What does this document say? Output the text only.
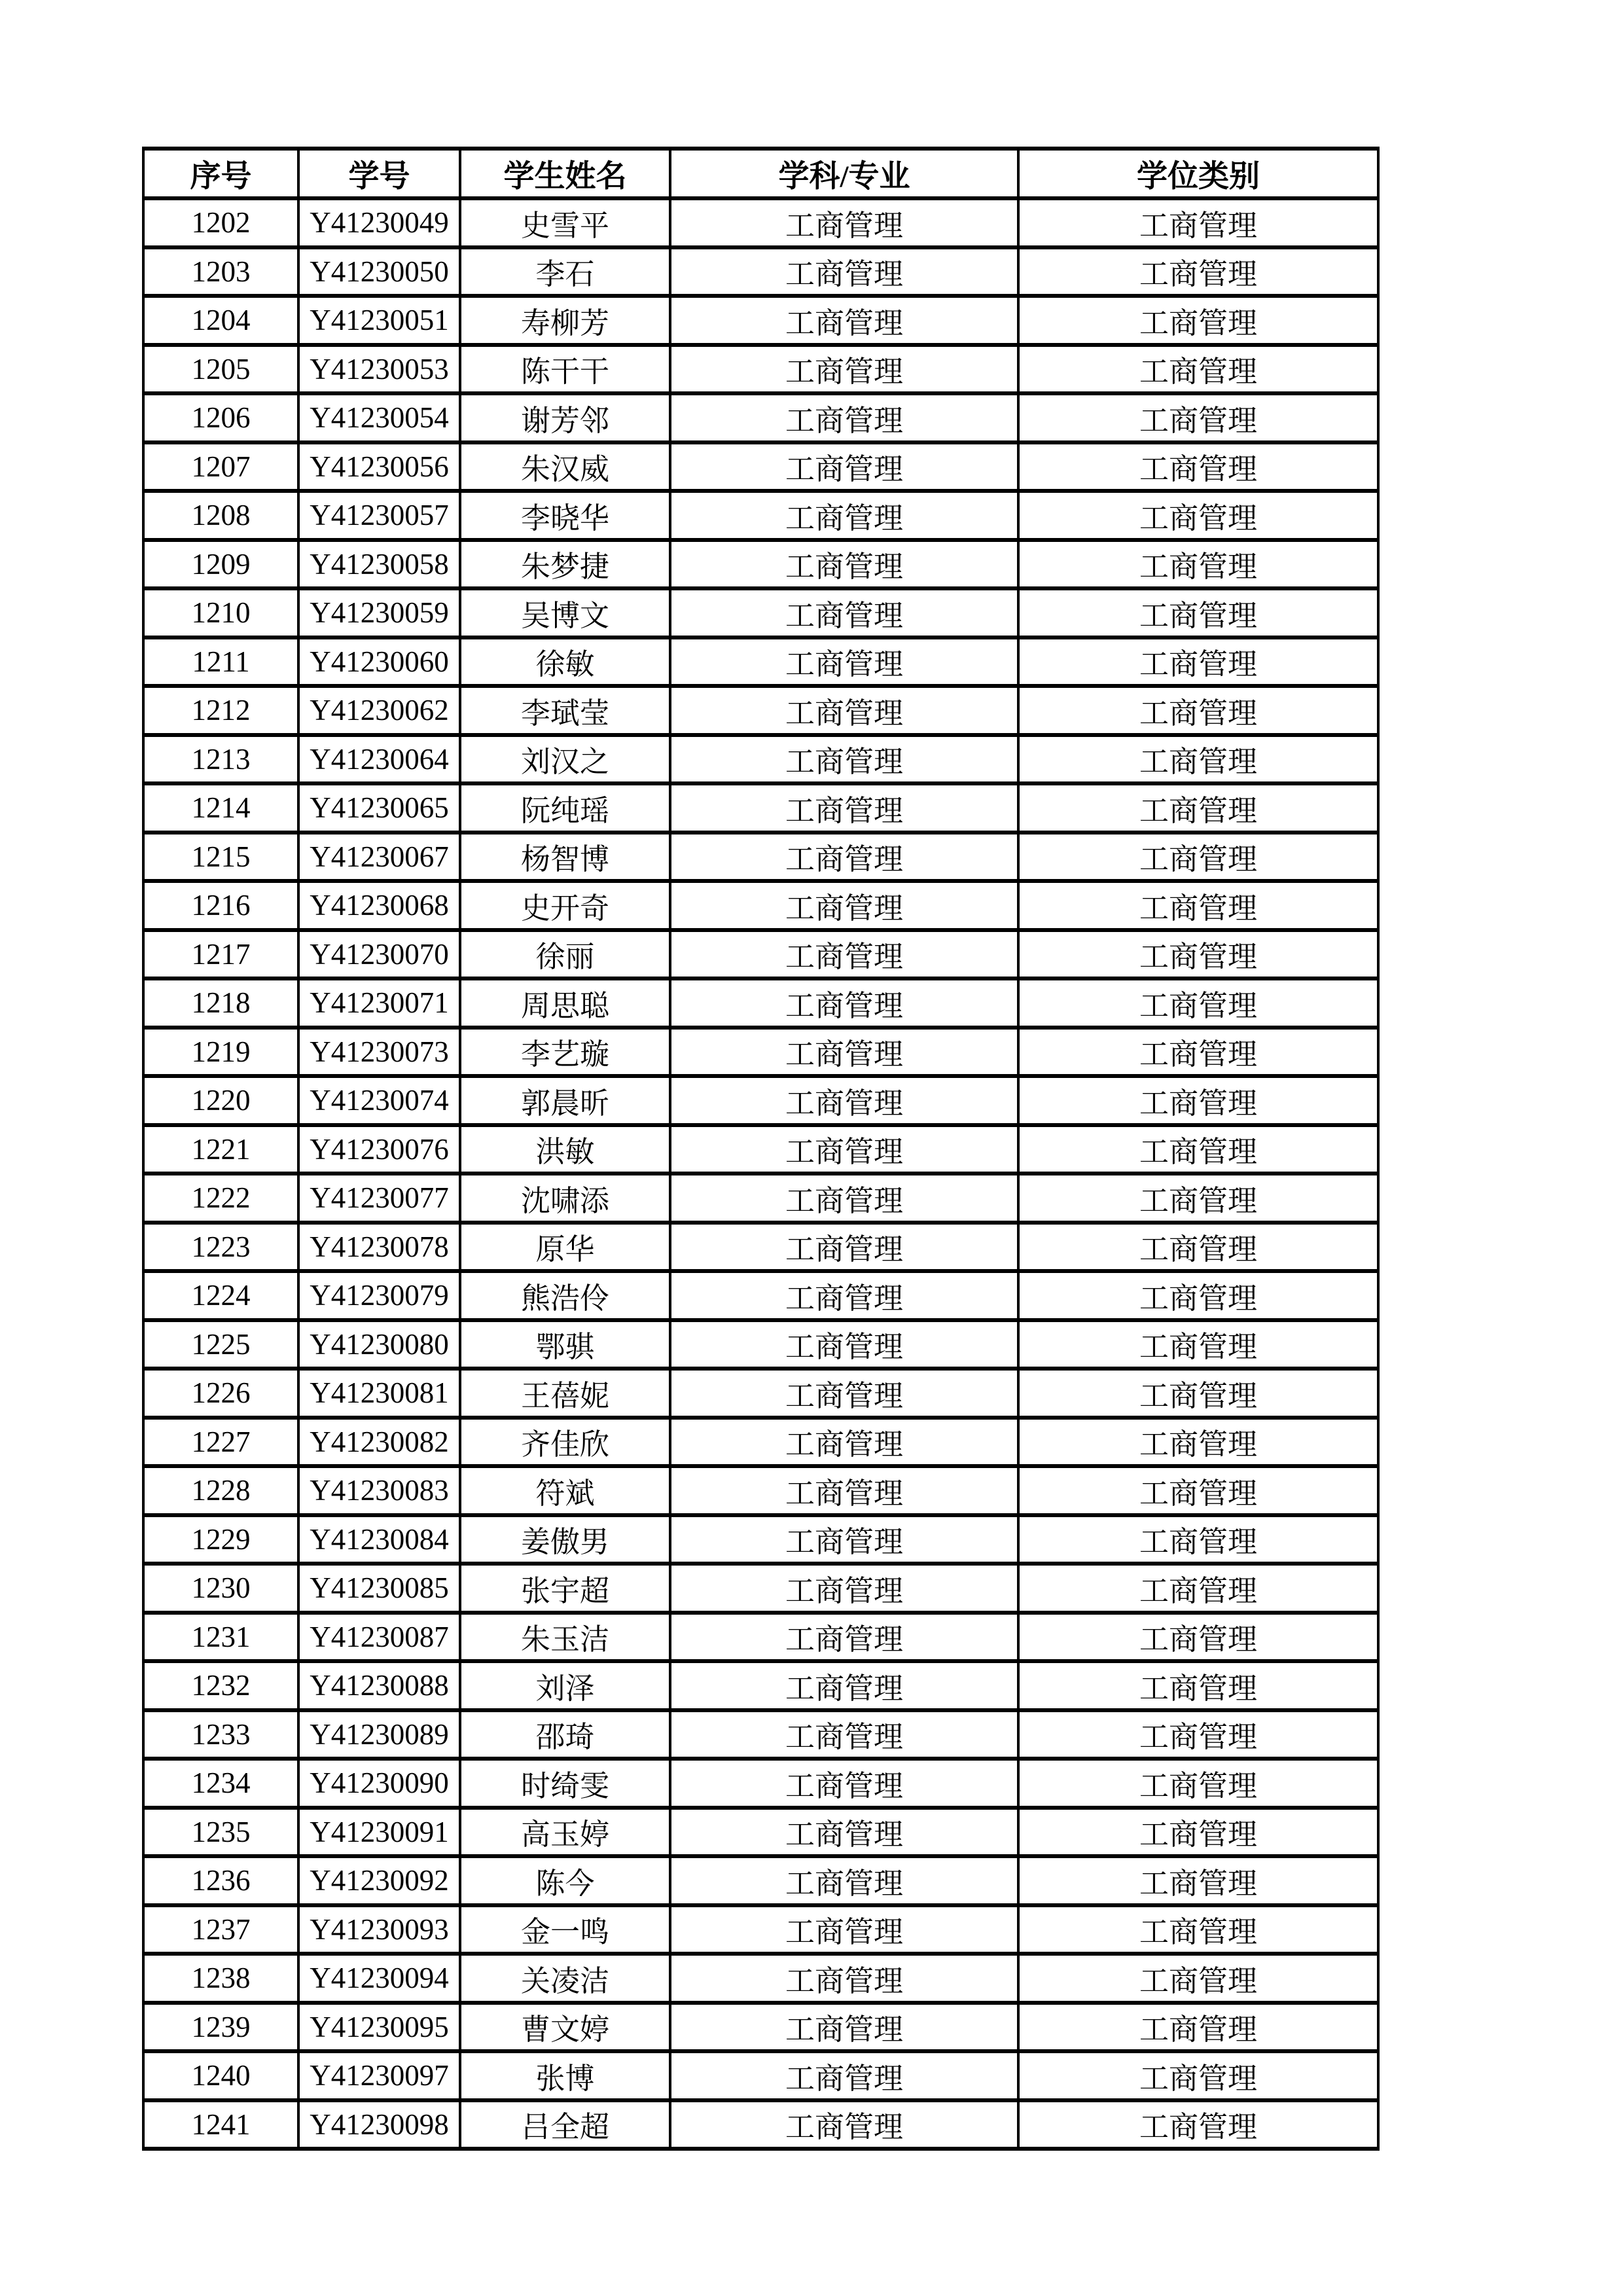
序号	学号	学生姓名	学科/专业	学位类别
1202	Y41230049	史雪平	工商管理	工商管理
1203	Y41230050	李石	工商管理	工商管理
1204	Y41230051	寿柳芳	工商管理	工商管理
1205	Y41230053	陈干干	工商管理	工商管理
1206	Y41230054	谢芳邻	工商管理	工商管理
1207	Y41230056	朱汉威	工商管理	工商管理
1208	Y41230057	李晓华	工商管理	工商管理
1209	Y41230058	朱梦捷	工商管理	工商管理
1210	Y41230059	吴博文	工商管理	工商管理
1211	Y41230060	徐敏	工商管理	工商管理
1212	Y41230062	李珷莹	工商管理	工商管理
1213	Y41230064	刘汉之	工商管理	工商管理
1214	Y41230065	阮纯瑶	工商管理	工商管理
1215	Y41230067	杨智博	工商管理	工商管理
1216	Y41230068	史开奇	工商管理	工商管理
1217	Y41230070	徐丽	工商管理	工商管理
1218	Y41230071	周思聪	工商管理	工商管理
1219	Y41230073	李艺璇	工商管理	工商管理
1220	Y41230074	郭晨昕	工商管理	工商管理
1221	Y41230076	洪敏	工商管理	工商管理
1222	Y41230077	沈啸添	工商管理	工商管理
1223	Y41230078	原华	工商管理	工商管理
1224	Y41230079	熊浩伶	工商管理	工商管理
1225	Y41230080	鄂骐	工商管理	工商管理
1226	Y41230081	王蓓妮	工商管理	工商管理
1227	Y41230082	齐佳欣	工商管理	工商管理
1228	Y41230083	符斌	工商管理	工商管理
1229	Y41230084	姜傲男	工商管理	工商管理
1230	Y41230085	张宇超	工商管理	工商管理
1231	Y41230087	朱玉洁	工商管理	工商管理
1232	Y41230088	刘泽	工商管理	工商管理
1233	Y41230089	邵琦	工商管理	工商管理
1234	Y41230090	时绮雯	工商管理	工商管理
1235	Y41230091	高玉婷	工商管理	工商管理
1236	Y41230092	陈今	工商管理	工商管理
1237	Y41230093	金一鸣	工商管理	工商管理
1238	Y41230094	关凌洁	工商管理	工商管理
1239	Y41230095	曹文婷	工商管理	工商管理
1240	Y41230097	张博	工商管理	工商管理
1241	Y41230098	吕全超	工商管理	工商管理
